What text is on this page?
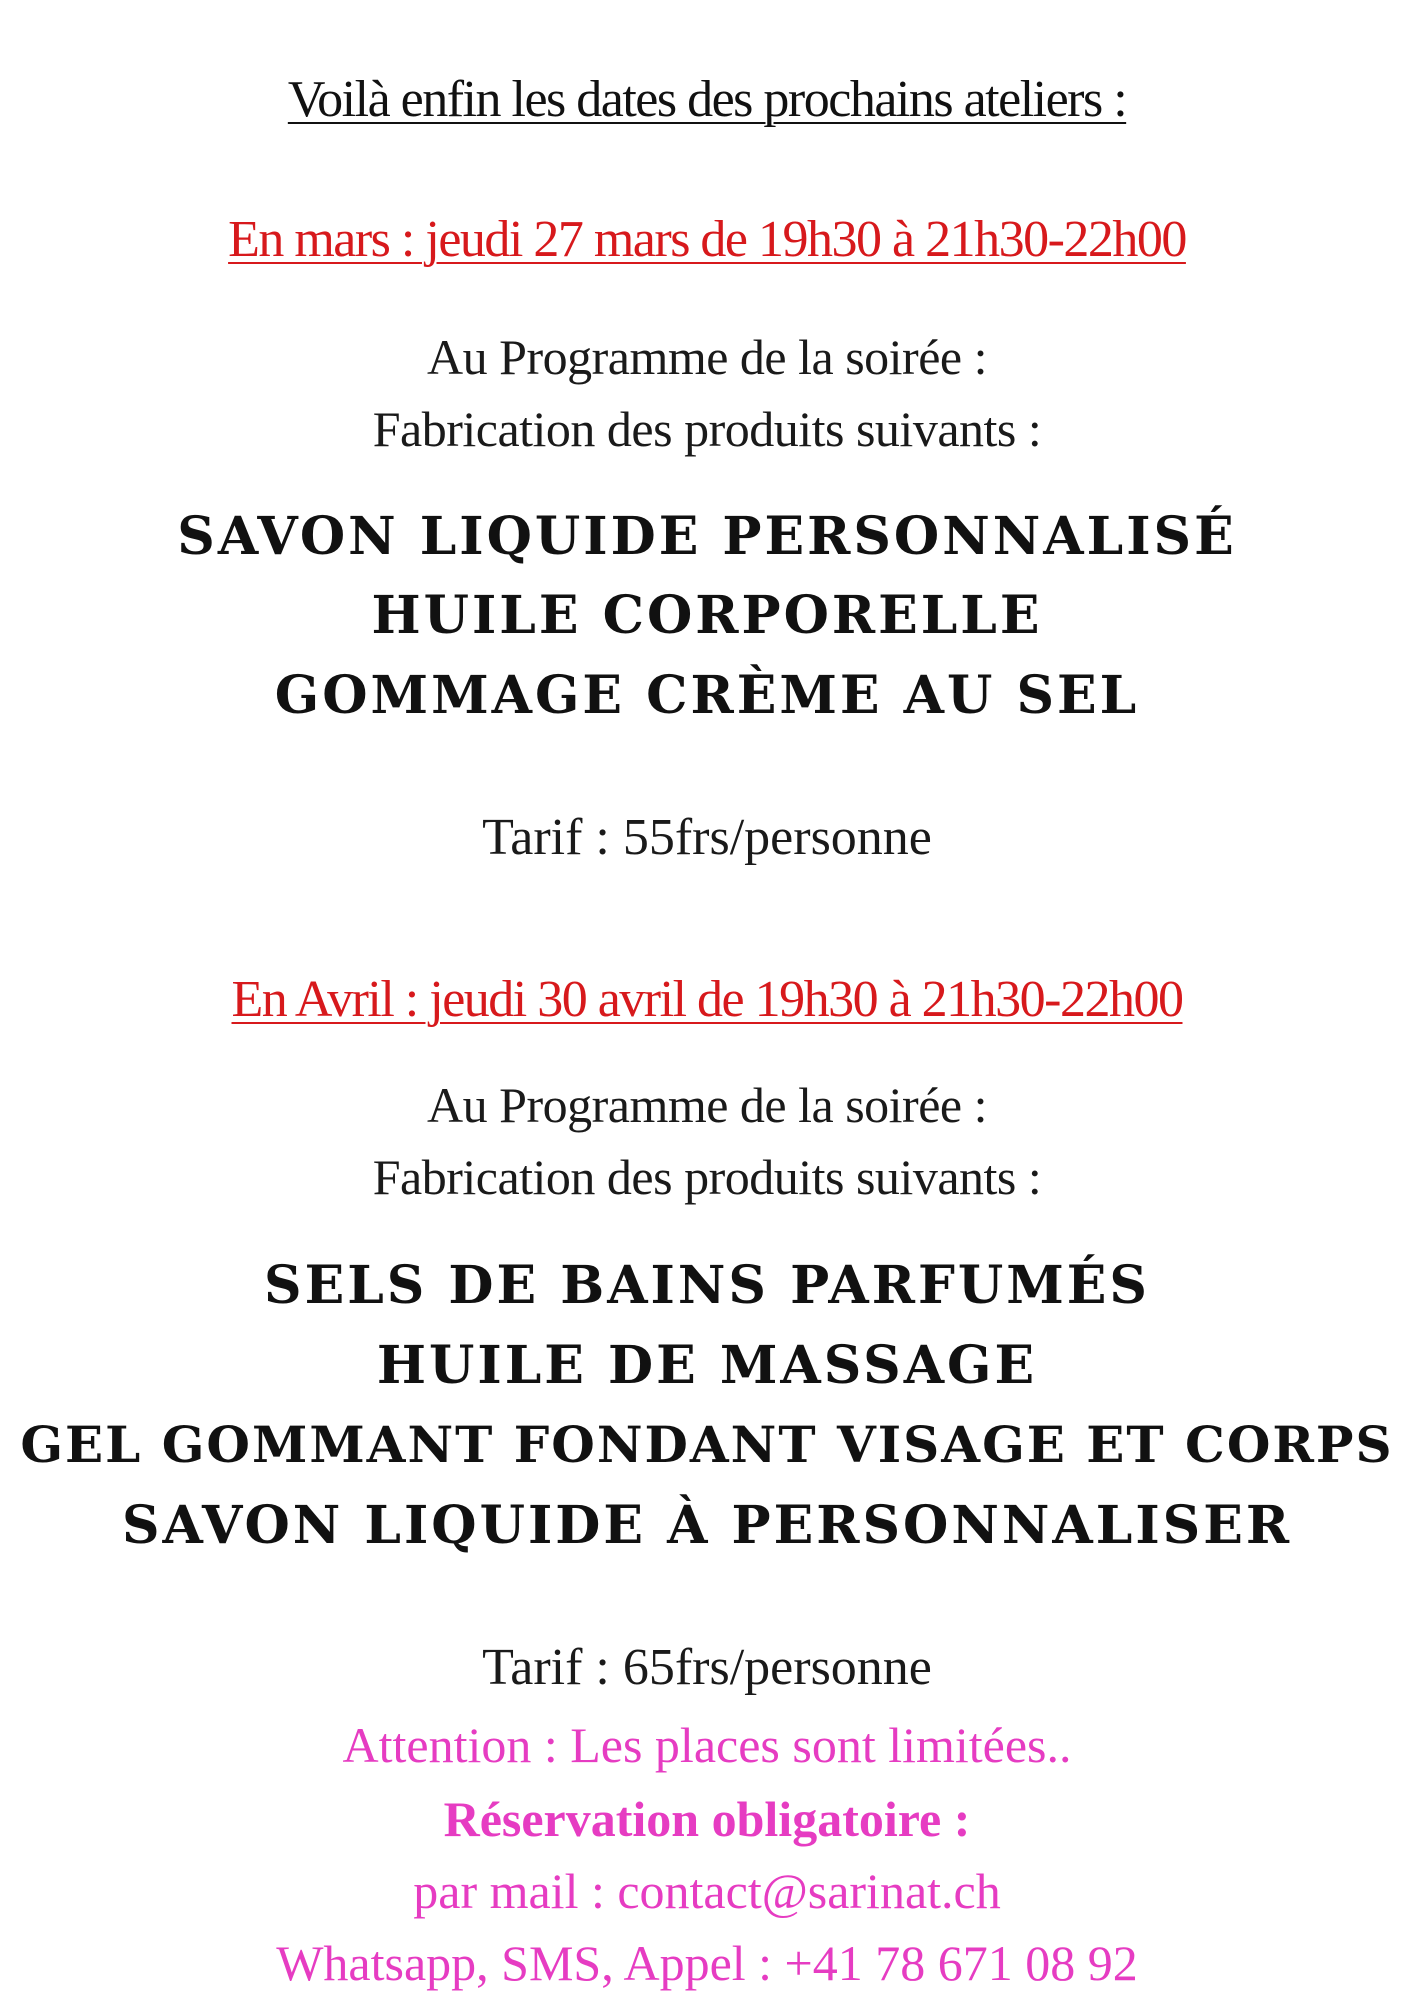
Voilà enfin les dates des prochains ateliers :
En mars : jeudi 27 mars de 19h30 à 21h30-22h00
Au Programme de la soirée :
Fabrication des produits suivants :
SAVON LIQUIDE PERSONNALISÉ
HUILE CORPORELLE
GOMMAGE CRÈME AU SEL
Tarif : 55frs/personne
En Avril : jeudi 30 avril de 19h30 à 21h30-22h00
Au Programme de la soirée :
Fabrication des produits suivants :
SELS DE BAINS PARFUMÉS
HUILE DE MASSAGE
GEL GOMMANT FONDANT VISAGE ET CORPS
SAVON LIQUIDE À PERSONNALISER
Tarif : 65frs/personne
Attention : Les places sont limitées..
Réservation obligatoire :
par mail : contact@sarinat.ch
Whatsapp, SMS, Appel : +41 78 671 08 92
